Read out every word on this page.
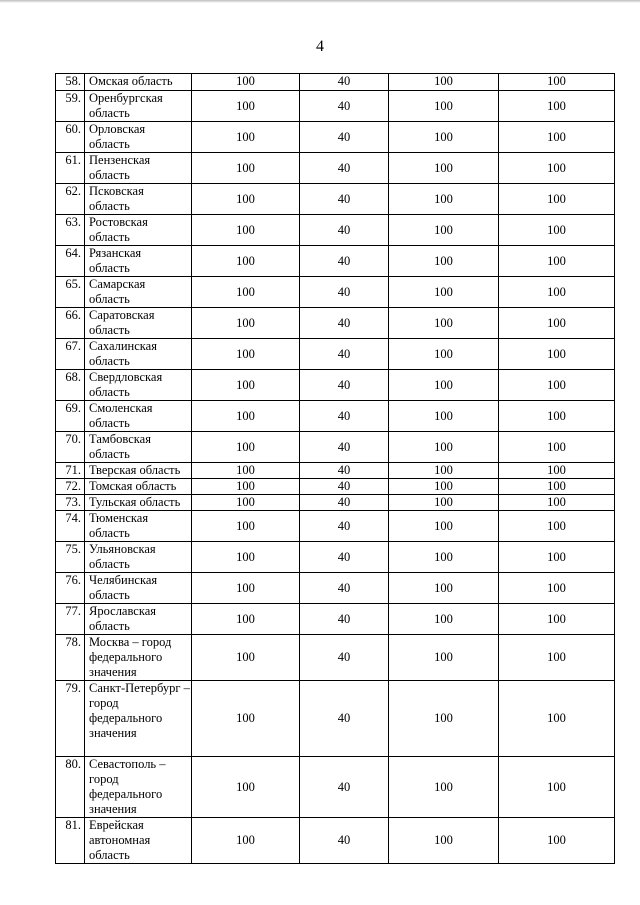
4
58.	Омская область	100	40	100	100
59.	Оренбургская
область	100	40	100	100
60.	Орловская
область	100	40	100	100
61.	Пензенская
область	100	40	100	100
62.	Псковская
область	100	40	100	100
63.	Ростовская
область	100	40	100	100
64.	Рязанская
область	100	40	100	100
65.	Самарская
область	100	40	100	100
66.	Саратовская
область	100	40	100	100
67.	Сахалинская
область	100	40	100	100
68.	Свердловская
область	100	40	100	100
69.	Смоленская
область	100	40	100	100
70.	Тамбовская
область	100	40	100	100
71.	Тверская область	100	40	100	100
72.	Томская область	100	40	100	100
73.	Тульская область	100	40	100	100
74.	Тюменская
область	100	40	100	100
75.	Ульяновская
область	100	40	100	100
76.	Челябинская
область	100	40	100	100
77.	Ярославская
область	100	40	100	100
78.	Москва – город
федерального
значения	100	40	100	100
79.	Санкт-Петербург – город федерального значения	100	40	100	100
80.	Севастополь –
город
федерального
значения	100	40	100	100
81.	Еврейская
автономная
область	100	40	100	100
